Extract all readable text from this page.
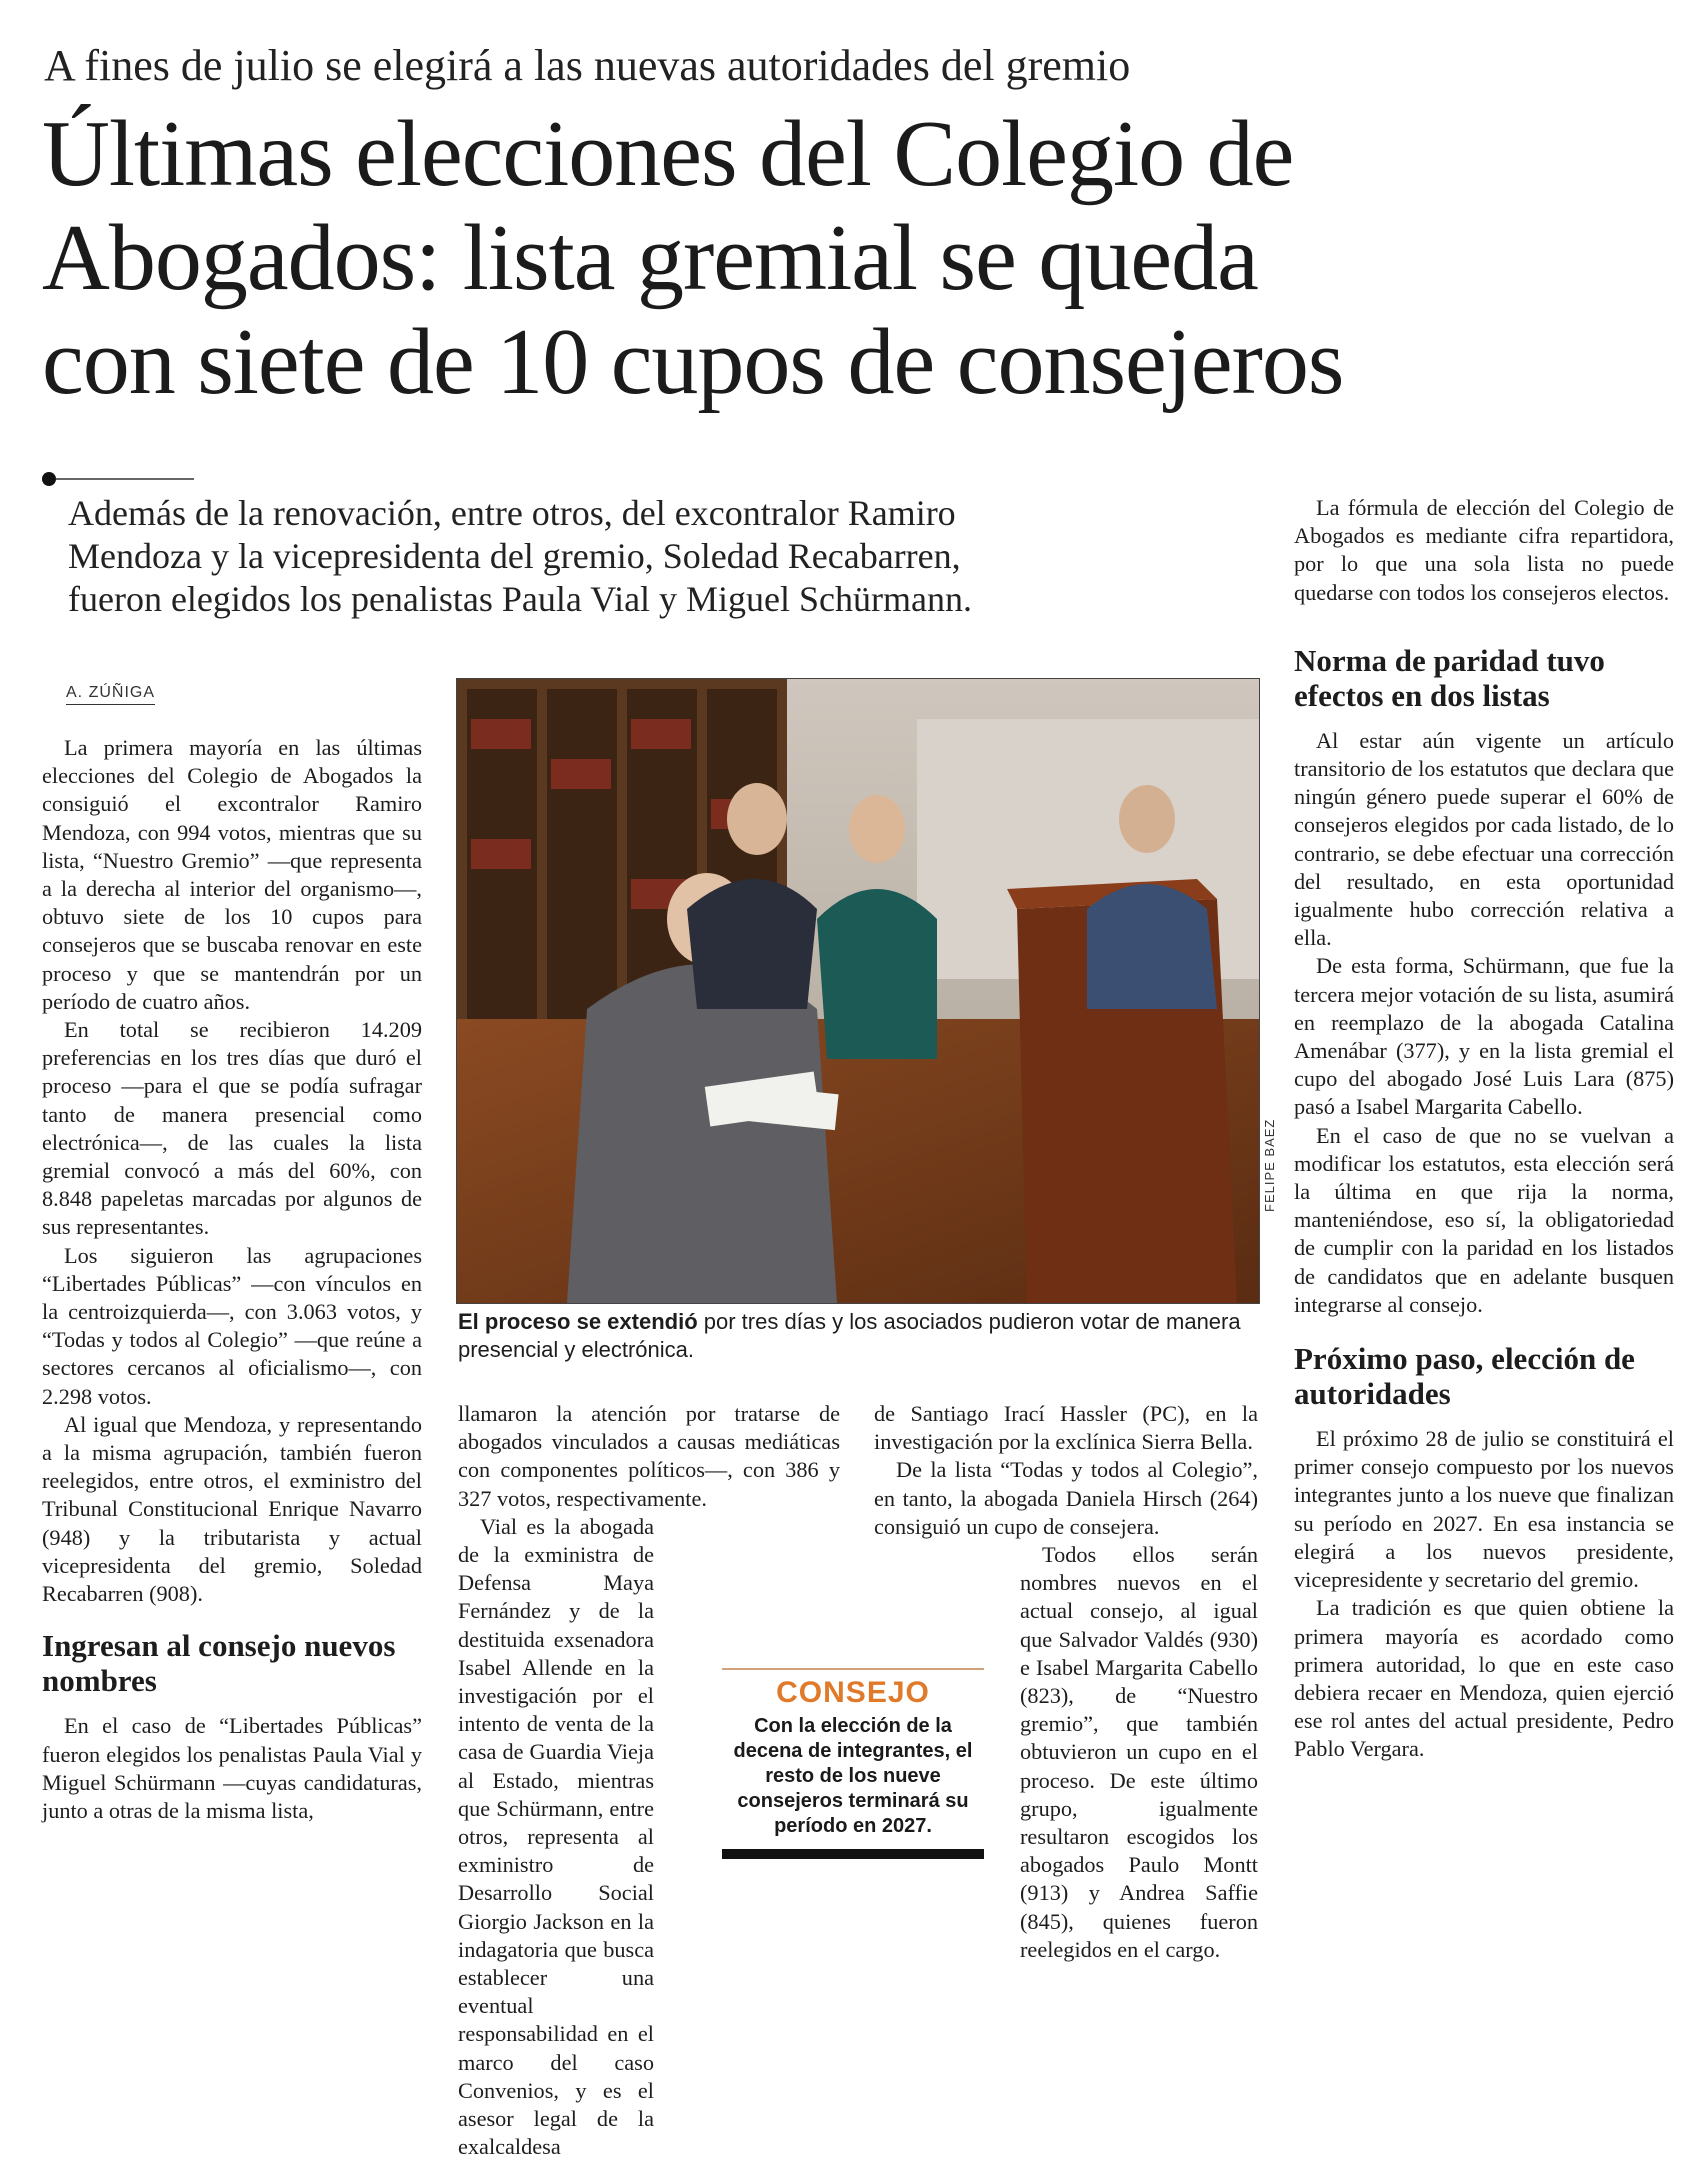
A fines de julio se elegirá a las nuevas autoridades del gremio
Últimas elecciones del Colegio de
Abogados: lista gremial se queda
con siete de 10 cupos de consejeros
Además de la renovación, entre otros, del excontralor Ramiro
Mendoza y la vicepresidenta del gremio, Soledad Recabarren,
fueron elegidos los penalistas Paula Vial y Miguel Schürmann.
A. ZÚÑIGA

La primera mayoría en las últimas elecciones del Colegio de Abogados la consiguió el excontralor Ramiro Mendoza, con 994 votos, mientras que su lista, “Nuestro Gremio” —que representa a la derecha al interior del organismo—, obtuvo siete de los 10 cupos para consejeros que se buscaba renovar en este proceso y que se mantendrán por un período de cuatro años.

En total se recibieron 14.209 preferencias en los tres días que duró el proceso —para el que se podía sufragar tanto de manera presencial como electrónica—, de las cuales la lista gremial convocó a más del 60%, con 8.848 papeletas marcadas por algunos de sus representantes.

Los siguieron las agrupaciones “Libertades Públicas” —con vínculos en la centroizquierda—, con 3.063 votos, y “Todas y todos al Colegio” —que reúne a sectores cercanos al oficialismo—, con 2.298 votos.

Al igual que Mendoza, y representando a la misma agrupación, también fueron reelegidos, entre otros, el exministro del Tribunal Constitucional Enrique Navarro (948) y la tributarista y actual vicepresidenta del gremio, Soledad Recabarren (908).

Ingresan al consejo nuevos nombres

En el caso de “Libertades Públicas” fueron elegidos los penalistas Paula Vial y Miguel Schürmann —cuyas candidaturas, junto a otras de la misma lista,

FELIPE BAEZ
El proceso se extendió por tres días y los asociados pudieron votar de manera presencial y electrónica.

llamaron la atención por tratarse de abogados vinculados a causas mediáticas con componentes políticos—, con 386 y 327 votos, respectivamente.

Vial es la abogada de la exministra de Defensa Maya Fernández y de la destituida exsenadora Isabel Allende en la investigación por el intento de venta de la casa de Guardia Vieja al Estado, mientras que Schürmann, entre otros, representa al exministro de Desarrollo Social Giorgio Jackson en la indagatoria que busca establecer una eventual responsabilidad en el marco del caso Convenios, y es el asesor legal de la exalcaldesa

de Santiago Irací Hassler (PC), en la investigación por la exclínica Sierra Bella.

De la lista “Todas y todos al Colegio”, en tanto, la abogada Daniela Hirsch (264) consiguió un cupo de consejera.

Todos ellos serán nombres nuevos en el actual consejo, al igual que Salvador Valdés (930) e Isabel Margarita Cabello (823), de “Nuestro gremio”, que también obtuvieron un cupo en el proceso. De este último grupo, igualmente resultaron escogidos los abogados Paulo Montt (913) y Andrea Saffie (845), quienes fueron reelegidos en el cargo.

CONSEJO
Con la elección de la decena de integrantes, el resto de los nueve consejeros terminará su período en 2027.

La fórmula de elección del Colegio de Abogados es mediante cifra repartidora, por lo que una sola lista no puede quedarse con todos los consejeros electos.

Norma de paridad tuvo efectos en dos listas

Al estar aún vigente un artículo transitorio de los estatutos que declara que ningún género puede superar el 60% de consejeros elegidos por cada listado, de lo contrario, se debe efectuar una corrección del resultado, en esta oportunidad igualmente hubo corrección relativa a ella.

De esta forma, Schürmann, que fue la tercera mejor votación de su lista, asumirá en reemplazo de la abogada Catalina Amenábar (377), y en la lista gremial el cupo del abogado José Luis Lara (875) pasó a Isabel Margarita Cabello.

En el caso de que no se vuelvan a modificar los estatutos, esta elección será la última en que rija la norma, manteniéndose, eso sí, la obligatoriedad de cumplir con la paridad en los listados de candidatos que en adelante busquen integrarse al consejo.

Próximo paso, elección de autoridades

El próximo 28 de julio se constituirá el primer consejo compuesto por los nuevos integrantes junto a los nueve que finalizan su período en 2027. En esa instancia se elegirá a los nuevos presidente, vicepresidente y secretario del gremio.

La tradición es que quien obtiene la primera mayoría es acordado como primera autoridad, lo que en este caso debiera recaer en Mendoza, quien ejerció ese rol antes del actual presidente, Pedro Pablo Vergara.
